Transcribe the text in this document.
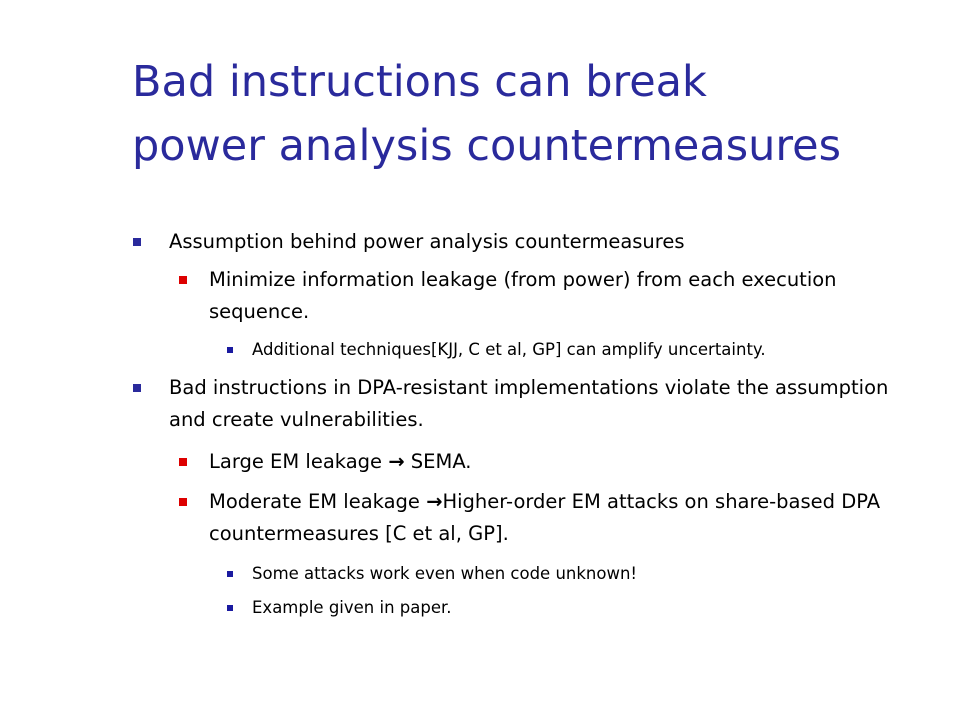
Bad instructions can break
power analysis countermeasures
Assumption behind power analysis countermeasures
Minimize information leakage (from power) from each execution sequence.
Additional techniques[KJJ, C et al, GP] can amplify uncertainty.
Bad instructions in DPA-resistant implementations violate the assumption and create vulnerabilities.
Large EM leakage → SEMA.
Moderate EM leakage →Higher-order EM attacks on share-based DPA countermeasures [C et al, GP].
Some attacks work even when code unknown!
Example given in paper.
